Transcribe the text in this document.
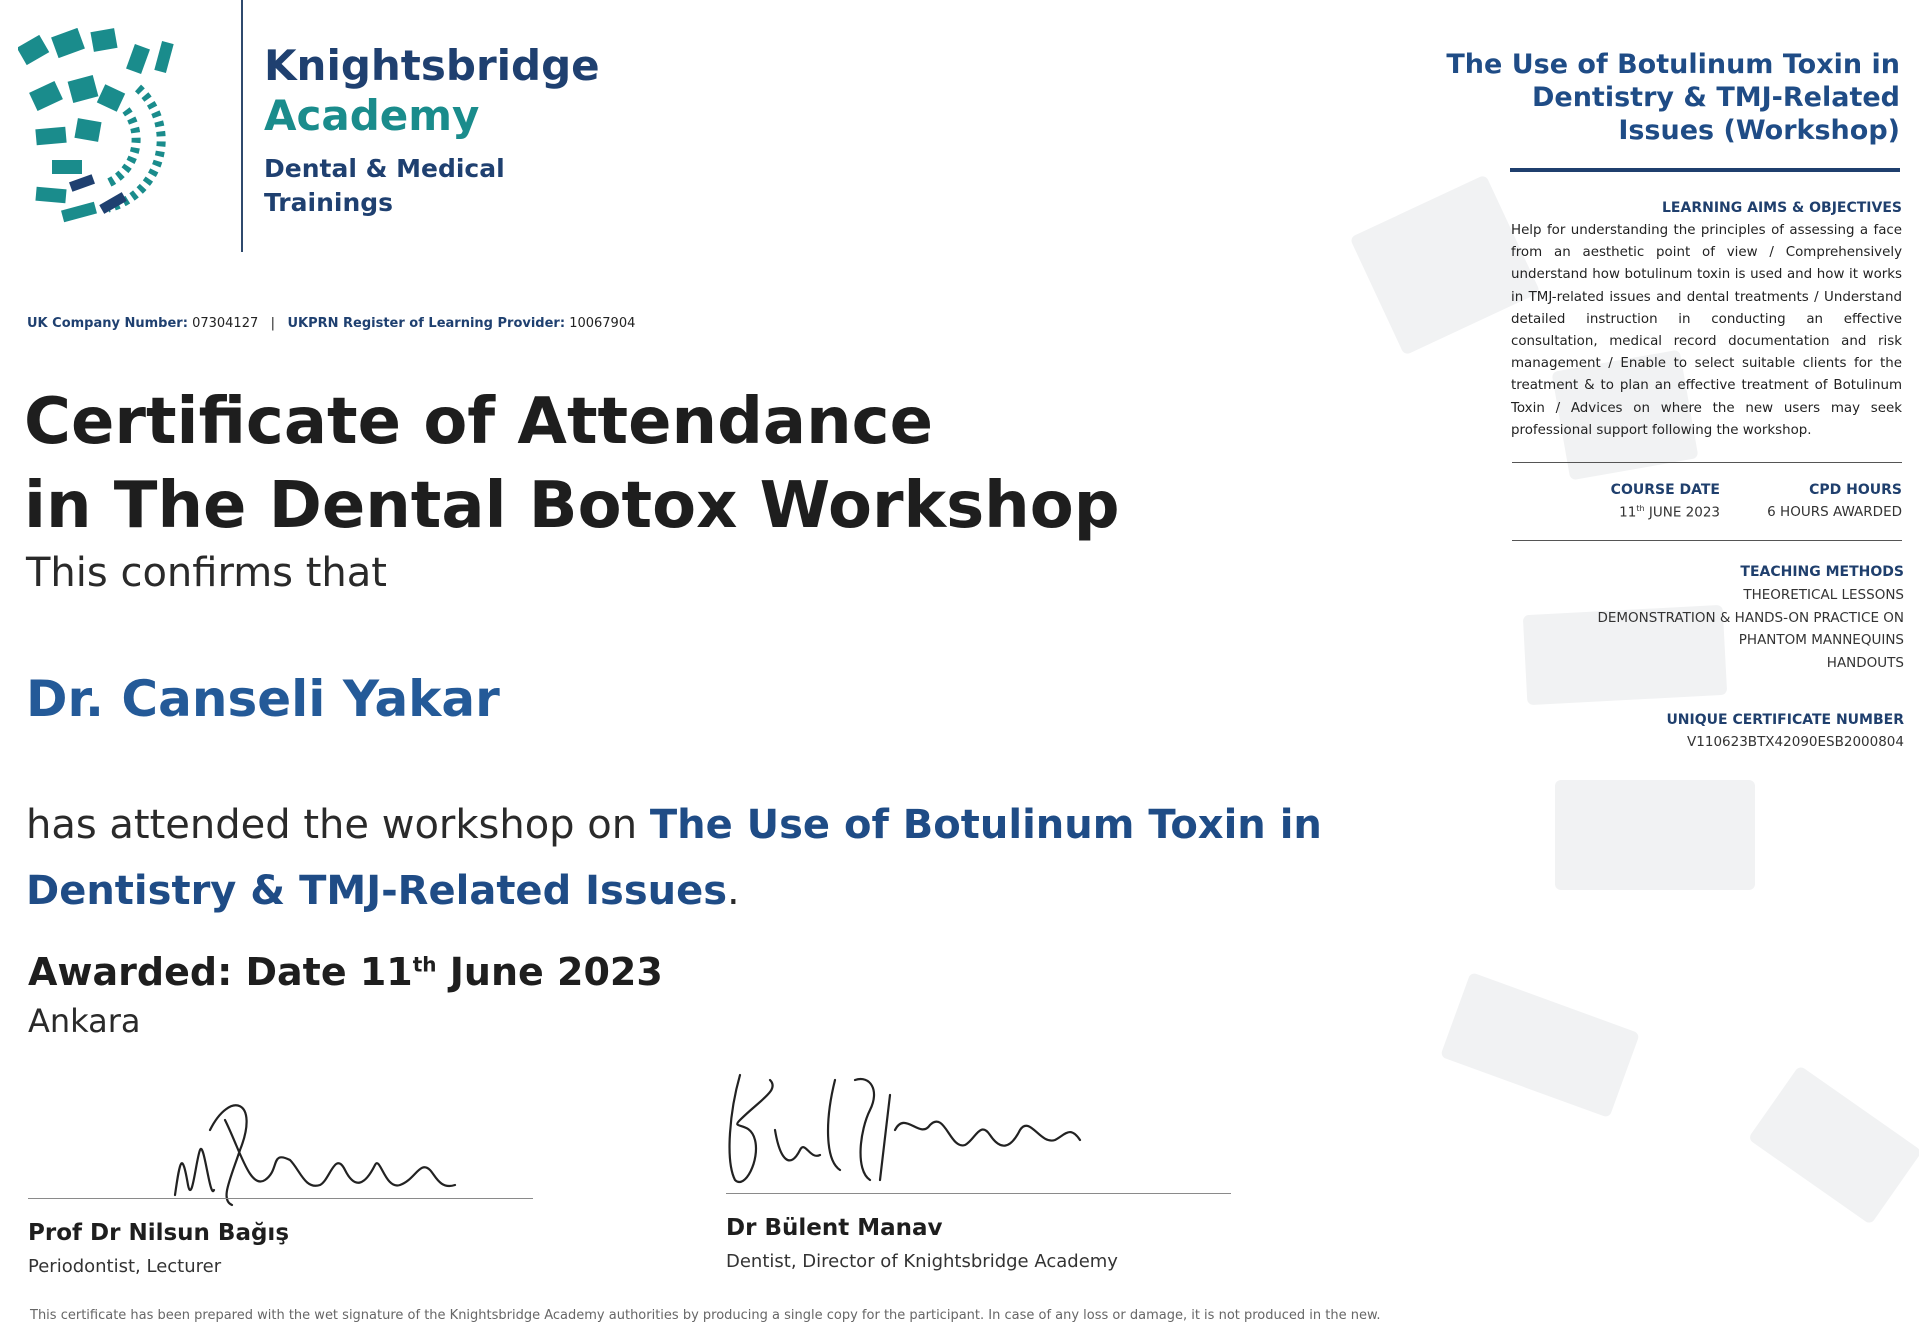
Knightsbridge
Academy
Dental & Medical
Trainings
UK Company Number: 07304127 | UKPRN Register of Learning Provider: 10067904
Certificate of Attendance
in The Dental Botox Workshop
This confirms that
Dr. Canseli Yakar
has attended the workshop on The Use of Botulinum Toxin in Dentistry & TMJ-Related Issues.
Awarded: Date 11th June 2023
Ankara
Prof Dr Nilsun Bağış
Periodontist, Lecturer
Dr Bülent Manav
Dentist, Director of Knightsbridge Academy
This certificate has been prepared with the wet signature of the Knightsbridge Academy authorities by producing a single copy for the participant. In case of any loss or damage, it is not produced in the new.
The Use of Botulinum Toxin in
Dentistry & TMJ-Related
Issues (Workshop)
LEARNING AIMS & OBJECTIVES
Help for understanding the principles of assessing a face from an aesthetic point of view / Comprehensively understand how botulinum toxin is used and how it works in TMJ-related issues and dental treatments / Understand detailed instruction in conducting an effective consultation, medical record documentation and risk management / Enable to select suitable clients for the treatment & to plan an effective treatment of Botulinum Toxin / Advices on where the new users may seek professional support following the workshop.
COURSE DATE
11th JUNE 2023
CPD HOURS
6 HOURS AWARDED
TEACHING METHODS
THEORETICAL LESSONS
DEMONSTRATION & HANDS-ON PRACTICE ON
PHANTOM MANNEQUINS
HANDOUTS
UNIQUE CERTIFICATE NUMBER
V110623BTX42090ESB2000804
